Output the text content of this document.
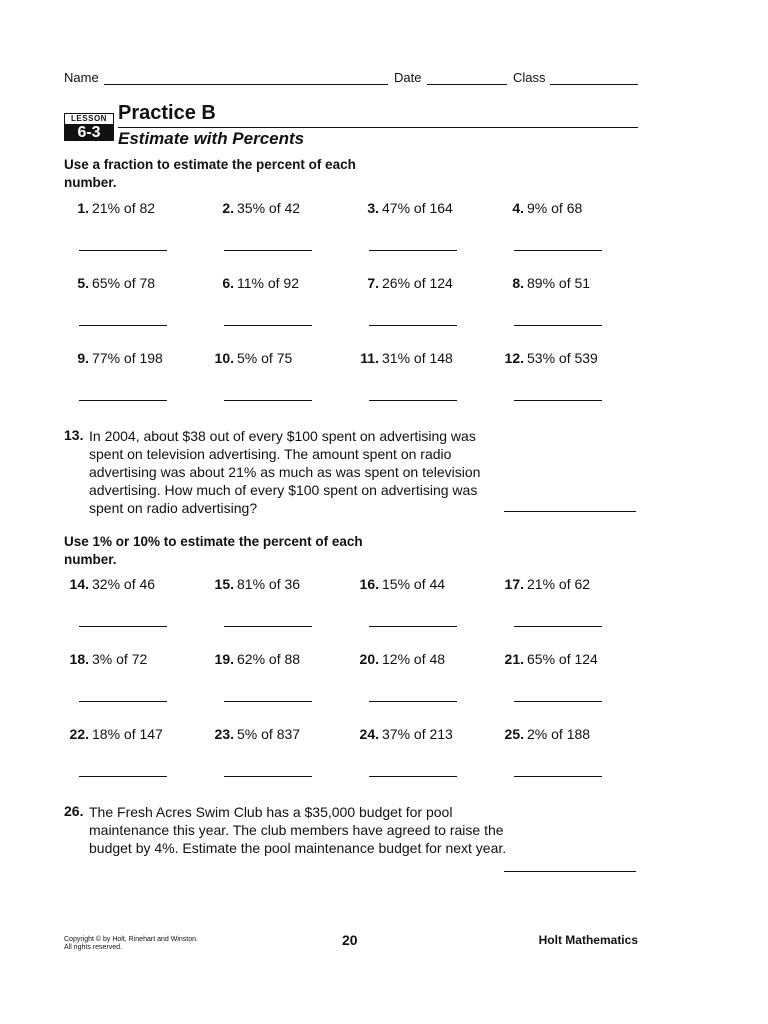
Name	Date	Class
LESSON
6-3
Practice B
Estimate with Percents
Use a fraction to estimate the percent of each number.
1. 21% of 82	2. 35% of 42	3. 47% of 164	4. 9% of 68
5. 65% of 78	6. 11% of 92	7. 26% of 124	8. 89% of 51
9. 77% of 198	10. 5% of 75	11. 31% of 148	12. 53% of 539
13. In 2004, about $38 out of every $100 spent on advertising was spent on television advertising. The amount spent on radio advertising was about 21% as much as was spent on television advertising. How much of every $100 spent on advertising was spent on radio advertising?
Use 1% or 10% to estimate the percent of each number.
14. 32% of 46	15. 81% of 36	16. 15% of 44	17. 21% of 62
18. 3% of 72	19. 62% of 88	20. 12% of 48	21. 65% of 124
22. 18% of 147	23. 5% of 837	24. 37% of 213	25. 2% of 188
26. The Fresh Acres Swim Club has a $35,000 budget for pool maintenance this year. The club members have agreed to raise the budget by 4%. Estimate the pool maintenance budget for next year.
Copyright © by Holt, Rinehart and Winston.
All rights reserved.	20	Holt Mathematics
